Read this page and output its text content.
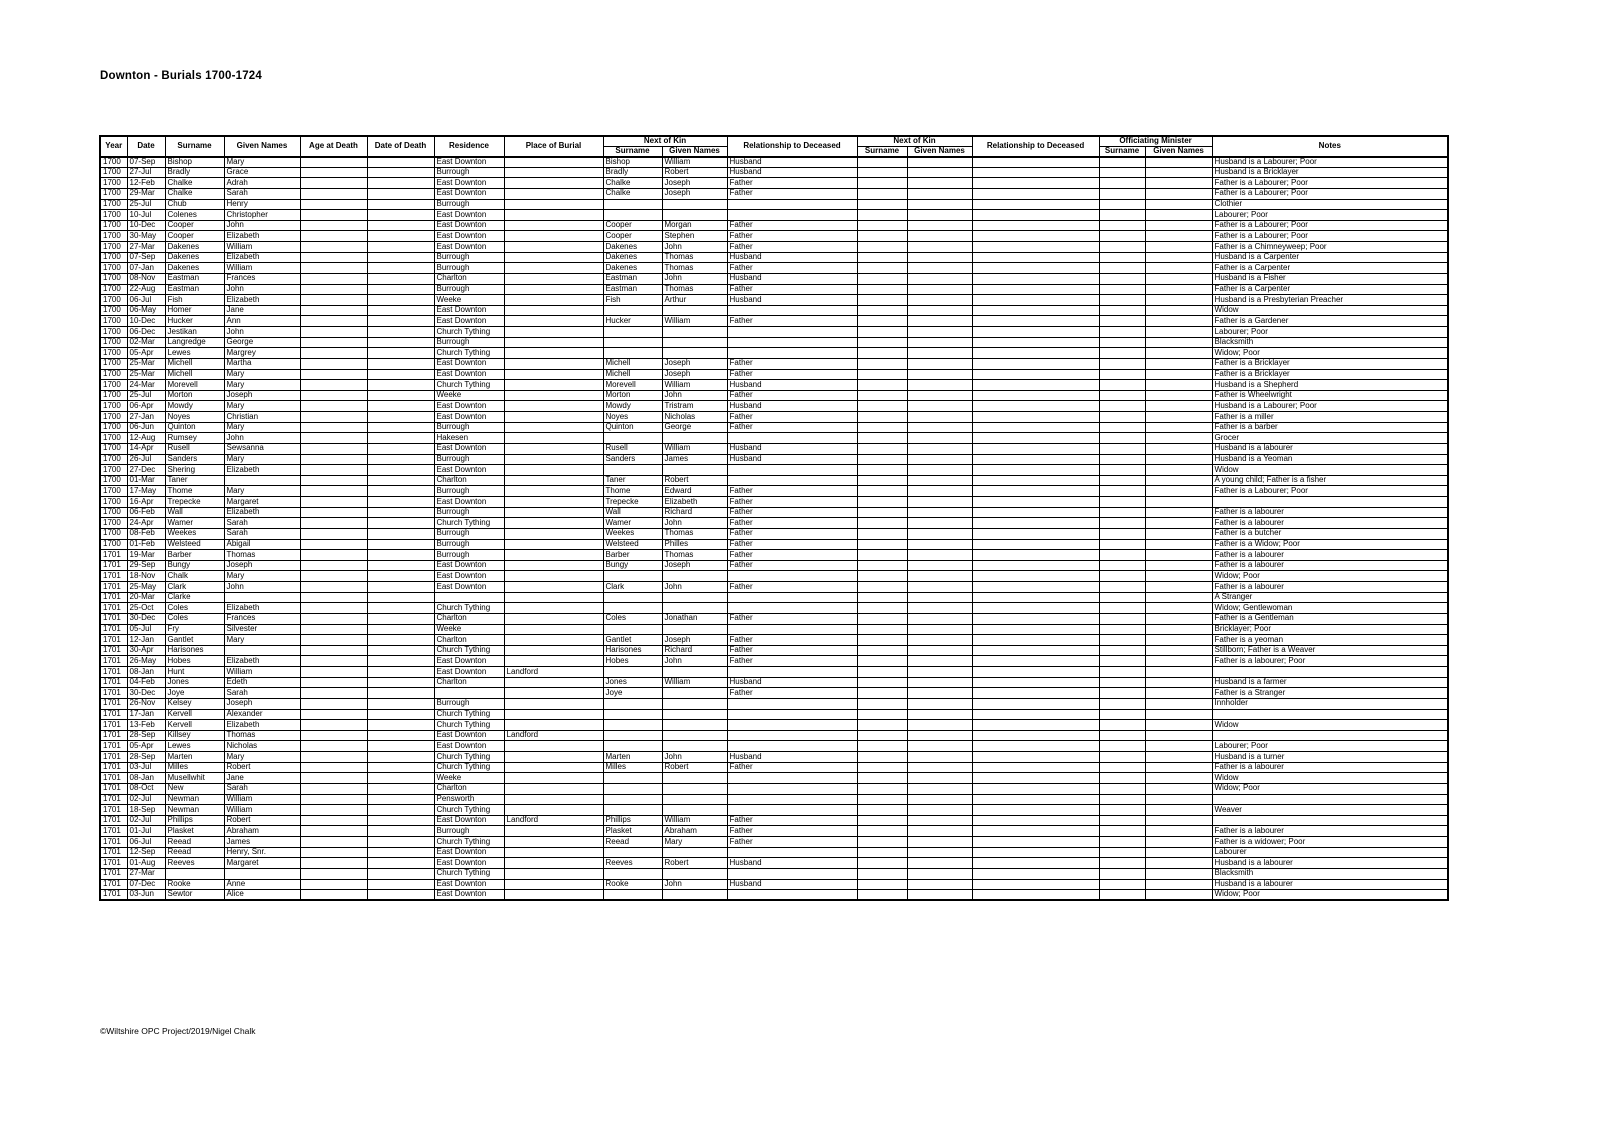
Downton - Burials 1700-1724
Year	Date	Surname	Given Names	Age at Death	Date of Death	Residence	Place of Burial	Next of Kin		Relationship to Deceased	Next of Kin		Relationship to Deceased	Officiating Minister		Notes
								Surname	Given Names		Surname	Given Names		Surname	Given Names	
1700	07-Sep	Bishop	Mary			East Downton		Bishop	William	Husband						Husband is a Labourer; Poor
1700	27-Jul	Bradly	Grace			Burrough		Bradly	Robert	Husband						Husband is a Bricklayer
1700	12-Feb	Chalke	Adrah			East Downton		Chalke	Joseph	Father						Father is a Labourer; Poor
1700	29-Mar	Chalke	Sarah			East Downton		Chalke	Joseph	Father						Father is a Labourer; Poor
1700	25-Jul	Chub	Henry			Burrough										Clothier
1700	10-Jul	Colenes	Christopher			East Downton										Labourer; Poor
1700	10-Dec	Cooper	John			East Downton		Cooper	Morgan	Father						Father is a Labourer; Poor
1700	30-May	Cooper	Elizabeth			East Downton		Cooper	Stephen	Father						Father is a Labourer; Poor
1700	27-Mar	Dakenes	William			East Downton		Dakenes	John	Father						Father is a Chimneyweep; Poor
1700	07-Sep	Dakenes	Elizabeth			Burrough		Dakenes	Thomas	Husband						Husband is a Carpenter
1700	07-Jan	Dakenes	William			Burrough		Dakenes	Thomas	Father						Father is a Carpenter
1700	08-Nov	Eastman	Frances			Charlton		Eastman	John	Husband						Husband is a Fisher
1700	22-Aug	Eastman	John			Burrough		Eastman	Thomas	Father						Father is a Carpenter
1700	06-Jul	Fish	Elizabeth			Weeke		Fish	Arthur	Husband						Husband is a Presbyterian Preacher
1700	06-May	Homer	Jane			East Downton										Widow
1700	10-Dec	Hucker	Ann			East Downton		Hucker	William	Father						Father is a Gardener
1700	06-Dec	Jestikan	John			Church Tything										Labourer; Poor
1700	02-Mar	Langredge	George			Burrough										Blacksmith
1700	05-Apr	Lewes	Margrey			Church Tything										Widow; Poor
1700	25-Mar	Michell	Martha			East Downton		Michell	Joseph	Father						Father is a Bricklayer
1700	25-Mar	Michell	Mary			East Downton		Michell	Joseph	Father						Father is a Bricklayer
1700	24-Mar	Morevell	Mary			Church Tything		Morevell	William	Husband						Husband is a Shepherd
1700	25-Jul	Morton	Joseph			Weeke		Morton	John	Father						Father is Wheelwright
1700	06-Apr	Mowdy	Mary			East Downton		Mowdy	Tristram	Husband						Husband is a Labourer; Poor
1700	27-Jan	Noyes	Christian			East Downton		Noyes	Nicholas	Father						Father is a miller
1700	06-Jun	Quinton	Mary			Burrough		Quinton	George	Father						Father is a barber
1700	12-Aug	Rumsey	John			Hakesen										Grocer
1700	14-Apr	Rusell	Sewsanna			East Downton		Rusell	William	Husband						Husband is a labourer
1700	26-Jul	Sanders	Mary			Burrough		Sanders	James	Husband						Husband is a Yeoman
1700	27-Dec	Shering	Elizabeth			East Downton										Widow
1700	01-Mar	Taner				Charlton		Taner	Robert							A young child; Father is a fisher
1700	17-May	Thome	Mary			Burrough		Thome	Edward	Father						Father is a Labourer; Poor
1700	16-Apr	Trepecke	Margaret			East Downton		Trepecke	Elizabeth	Father						
1700	06-Feb	Wall	Elizabeth			Burrough		Wall	Richard	Father						Father is a labourer
1700	24-Apr	Wamer	Sarah			Church Tything		Wamer	John	Father						Father is a labourer
1700	08-Feb	Weekes	Sarah			Burrough		Weekes	Thomas	Father						Father is a butcher
1700	01-Feb	Welsteed	Abigail			Burrough		Welsteed	Philles	Father						Father is a Widow; Poor
1701	19-Mar	Barber	Thomas			Burrough		Barber	Thomas	Father						Father is a labourer
1701	29-Sep	Bungy	Joseph			East Downton		Bungy	Joseph	Father						Father is a labourer
1701	18-Nov	Chalk	Mary			East Downton										Widow; Poor
1701	25-May	Clark	John			East Downton		Clark	John	Father						Father is a labourer
1701	20-Mar	Clarke														A Stranger
1701	25-Oct	Coles	Elizabeth			Church Tything										Widow; Gentlewoman
1701	30-Dec	Coles	Frances			Charlton		Coles	Jonathan	Father						Father is a Gentleman
1701	05-Jul	Fry	Silvester			Weeke										Bricklayer; Poor
1701	12-Jan	Gantlet	Mary			Charlton		Gantlet	Joseph	Father						Father is a yeoman
1701	30-Apr	Harisones				Church Tything		Harisones	Richard	Father						Stillborn; Father is a Weaver
1701	26-May	Hobes	Elizabeth			East Downton		Hobes	John	Father						Father is a labourer; Poor
1701	08-Jan	Hunt	William			East Downton	Landford									
1701	04-Feb	Jones	Edeth			Charlton		Jones	William	Husband						Husband is a farmer
1701	30-Dec	Joye	Sarah					Joye		Father						Father is a Stranger
1701	26-Nov	Kelsey	Joseph			Burrough										Innholder
1701	17-Jan	Kervell	Alexander			Church Tything										
1701	13-Feb	Kervell	Elizabeth			Church Tything										Widow
1701	28-Sep	Killsey	Thomas			East Downton	Landford									
1701	05-Apr	Lewes	Nicholas			East Downton										Labourer; Poor
1701	28-Sep	Marten	Mary			Church Tything		Marten	John	Husband						Husband is a turner
1701	03-Jul	Milles	Robert			Church Tything		Milles	Robert	Father						Father is a labourer
1701	08-Jan	Musellwhit	Jane			Weeke										Widow
1701	08-Oct	New	Sarah			Charlton										Widow; Poor
1701	02-Jul	Newman	William			Pensworth										
1701	18-Sep	Newman	William			Church Tything										Weaver
1701	02-Jul	Phillips	Robert			East Downton	Landford	Phillips	William	Father						
1701	01-Jul	Plasket	Abraham			Burrough		Plasket	Abraham	Father						Father is a labourer
1701	06-Jul	Reead	James			Church Tything		Reead	Mary	Father						Father is a widower; Poor
1701	12-Sep	Reead	Henry, Snr.			East Downton										Labourer
1701	01-Aug	Reeves	Margaret			East Downton		Reeves	Robert	Husband						Husband is a labourer
1701	27-Mar					Church Tything										Blacksmith
1701	07-Dec	Rooke	Anne			East Downton		Rooke	John	Husband						Husband is a labourer
1701	03-Jun	Sewtor	Alice			East Downton										Widow; Poor
©Wiltshire OPC Project/2019/Nigel Chalk
